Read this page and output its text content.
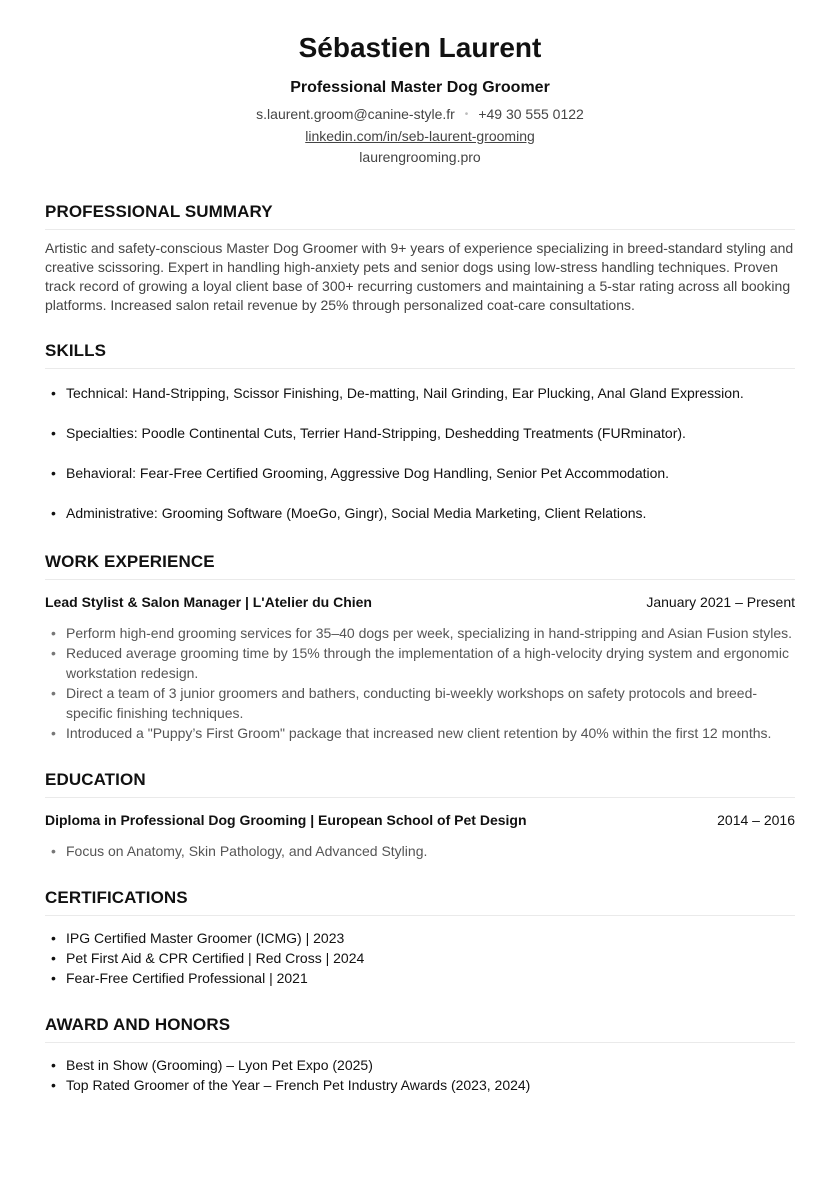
Sébastien Laurent
Professional Master Dog Groomer
s.laurent.groom@canine-style.fr • +49 30 555 0122
linkedin.com/in/seb-laurent-grooming
laurengrooming.pro
PROFESSIONAL SUMMARY
Artistic and safety-conscious Master Dog Groomer with 9+ years of experience specializing in breed-standard styling and creative scissoring. Expert in handling high-anxiety pets and senior dogs using low-stress handling techniques. Proven track record of growing a loyal client base of 300+ recurring customers and maintaining a 5-star rating across all booking platforms. Increased salon retail revenue by 25% through personalized coat-care consultations.
SKILLS
• Technical: Hand-Stripping, Scissor Finishing, De-matting, Nail Grinding, Ear Plucking, Anal Gland Expression.
• Specialties: Poodle Continental Cuts, Terrier Hand-Stripping, Deshedding Treatments (FURminator).
• Behavioral: Fear-Free Certified Grooming, Aggressive Dog Handling, Senior Pet Accommodation.
• Administrative: Grooming Software (MoeGo, Gingr), Social Media Marketing, Client Relations.
WORK EXPERIENCE
Lead Stylist & Salon Manager | L'Atelier du Chien	January 2021 – Present
• Perform high-end grooming services for 35–40 dogs per week, specializing in hand-stripping and Asian Fusion styles.
• Reduced average grooming time by 15% through the implementation of a high-velocity drying system and ergonomic workstation redesign.
• Direct a team of 3 junior groomers and bathers, conducting bi-weekly workshops on safety protocols and breed-specific finishing techniques.
• Introduced a "Puppy’s First Groom" package that increased new client retention by 40% within the first 12 months.
EDUCATION
Diploma in Professional Dog Grooming | European School of Pet Design	2014 – 2016
• Focus on Anatomy, Skin Pathology, and Advanced Styling.
CERTIFICATIONS
• IPG Certified Master Groomer (ICMG) | 2023
• Pet First Aid & CPR Certified | Red Cross | 2024
• Fear-Free Certified Professional | 2021
AWARD AND HONORS
• Best in Show (Grooming) – Lyon Pet Expo (2025)
• Top Rated Groomer of the Year – French Pet Industry Awards (2023, 2024)
